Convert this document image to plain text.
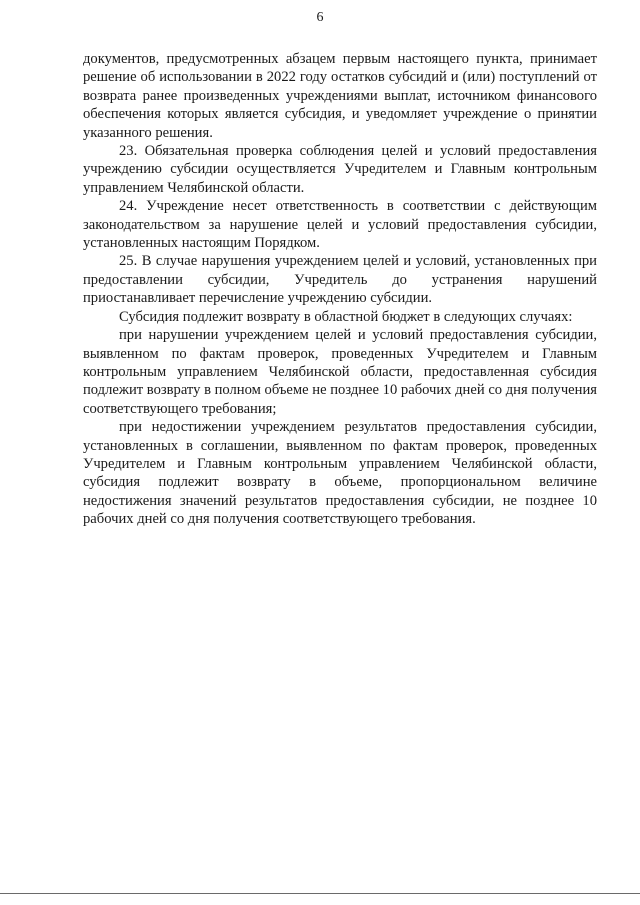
6

документов, предусмотренных абзацем первым настоящего пункта, принимает решение об использовании в 2022 году остатков субсидий и (или) поступлений от возврата ранее произведенных учреждениями выплат, источником финансового обеспечения которых является субсидия, и уведомляет учреждение о принятии указанного решения.

23. Обязательная проверка соблюдения целей и условий предоставления учреждению субсидии осуществляется Учредителем и Главным контрольным управлением Челябинской области.

24. Учреждение несет ответственность в соответствии с действующим законодательством за нарушение целей и условий предоставления субсидии, установленных настоящим Порядком.

25. В случае нарушения учреждением целей и условий, установленных при предоставлении субсидии, Учредитель до устранения нарушений приостанавливает перечисление учреждению субсидии.

Субсидия подлежит возврату в областной бюджет в следующих случаях:

при нарушении учреждением целей и условий предоставления субсидии, выявленном по фактам проверок, проведенных Учредителем и Главным контрольным управлением Челябинской области, предоставленная субсидия подлежит возврату в полном объеме не позднее 10 рабочих дней со дня получения соответствующего требования;

при недостижении учреждением результатов предоставления субсидии, установленных в соглашении, выявленном по фактам проверок, проведенных Учредителем и Главным контрольным управлением Челябинской области, субсидия подлежит возврату в объеме, пропорциональном величине недостижения значений результатов предоставления субсидии, не позднее 10 рабочих дней со дня получения соответствующего требования.
